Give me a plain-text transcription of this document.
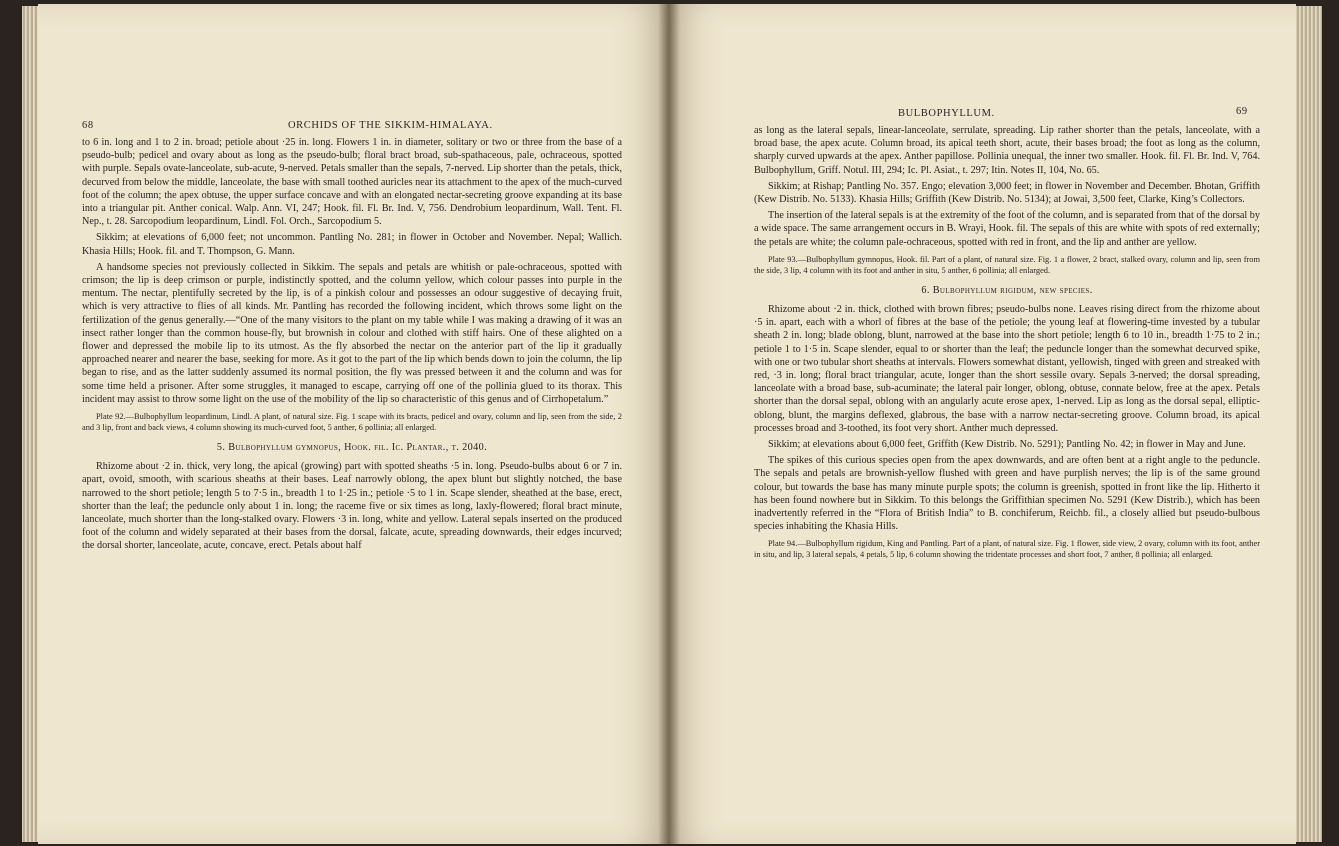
68	ORCHIDS OF THE SIKKIM-HIMALAYA.

to 6 in. long and 1 to 2 in. broad; petiole about ·25 in. long. Flowers 1 in. in diameter, solitary or two or three from the base of a pseudo-bulb; pedicel and ovary about as long as the pseudo-bulb; floral bract broad, sub-spathaceous, pale, ochraceous, spotted with purple. Sepals ovate-lanceolate, sub-acute, 9-nerved. Petals smaller than the sepals, 7-nerved. Lip shorter than the petals, thick, decurved from below the middle, lanceolate, the base with small toothed auricles near its attachment to the apex of the much-curved foot of the column; the apex obtuse, the upper surface concave and with an elongated nectar-secreting groove expanding at its base into a triangular pit. Anther conical. Walp. Ann. VI, 247; Hook. fil. Fl. Br. Ind. V, 756. Dendrobium leopardinum, Wall. Tent. Fl. Nep., t. 28. Sarcopodium leopardinum, Lindl. Fol. Orch., Sarcopodium 5.

Sikkim; at elevations of 6,000 feet; not uncommon. Pantling No. 281; in flower in October and November. Nepal; Wallich. Khasia Hills; Hook. fil. and T. Thompson, G. Mann.

A handsome species not previously collected in Sikkim. The sepals and petals are whitish or pale-ochraceous, spotted with crimson; the lip is deep crimson or purple, indistinctly spotted, and the column yellow, which colour passes into purple in the mentum. The nectar, plentifully secreted by the lip, is of a pinkish colour and possesses an odour suggestive of decaying fruit, which is very attractive to flies of all kinds. Mr. Pantling has recorded the following incident, which throws some light on the fertilization of the genus generally.—“One of the many visitors to the plant on my table while I was making a drawing of it was an insect rather longer than the common house-fly, but brownish in colour and clothed with stiff hairs. One of these alighted on a flower and depressed the mobile lip to its utmost. As the fly absorbed the nectar on the anterior part of the lip it gradually approached nearer and nearer the base, seeking for more. As it got to the part of the lip which bends down to join the column, the lip began to rise, and as the latter suddenly assumed its normal position, the fly was pressed between it and the column and was for some time held a prisoner. After some struggles, it managed to escape, carrying off one of the pollinia glued to its thorax. This incident may assist to throw some light on the use of the mobility of the lip so characteristic of this genus and of Cirrhopetalum.”

Plate 92.—Bulbophyllum leopardinum, Lindl. A plant, of natural size. Fig. 1 scape with its bracts, pedicel and ovary, column and lip, seen from the side, 2 and 3 lip, front and back views, 4 column showing its much-curved foot, 5 anther, 6 pollinia; all enlarged.

5. Bulbophyllum gymnopus, Hook. fil. Ic. Plantar., t. 2040.

Rhizome about ·2 in. thick, very long, the apical (growing) part with spotted sheaths ·5 in. long. Pseudo-bulbs about 6 or 7 in. apart, ovoid, smooth, with scarious sheaths at their bases. Leaf narrowly oblong, the apex blunt but slightly notched, the base narrowed to the short petiole; length 5 to 7·5 in., breadth 1 to 1·25 in.; petiole ·5 to 1 in. Scape slender, sheathed at the base, erect, shorter than the leaf; the peduncle only about 1 in. long; the raceme five or six times as long, laxly-flowered; floral bract minute, lanceolate, much shorter than the long-stalked ovary. Flowers ·3 in. long, white and yellow. Lateral sepals inserted on the produced foot of the column and widely separated at their bases from the dorsal, falcate, acute, spreading downwards, their edges incurved; the dorsal shorter, lanceolate, acute, concave, erect. Petals about half

BULBOPHYLLUM.	69

as long as the lateral sepals, linear-lanceolate, serrulate, spreading. Lip rather shorter than the petals, lanceolate, with a broad base, the apex acute. Column broad, its apical teeth short, acute, their bases broad; the foot as long as the column, sharply curved upwards at the apex. Anther papillose. Pollinia unequal, the inner two smaller. Hook. fil. Fl. Br. Ind. V, 764. Bulbophyllum, Griff. Notul. III, 294; Ic. Pl. Asiat., t. 297; Itin. Notes II, 104, No. 65.

Sikkim; at Rishap; Pantling No. 357. Engo; elevation 3,000 feet; in flower in November and December. Bhotan, Griffith (Kew Distrib. No. 5133). Khasia Hills; Griffith (Kew Distrib. No. 5134); at Jowai, 3,500 feet, Clarke, King’s Collectors.

The insertion of the lateral sepals is at the extremity of the foot of the column, and is separated from that of the dorsal by a wide space. The same arrangement occurs in B. Wrayi, Hook. fil. The sepals of this are white with spots of red externally; the petals are white; the column pale-ochraceous, spotted with red in front, and the lip and anther are yellow.

Plate 93.—Bulbophyllum gymnopus, Hook. fil. Part of a plant, of natural size. Fig. 1 a flower, 2 bract, stalked ovary, column and lip, seen from the side, 3 lip, 4 column with its foot and anther in situ, 5 anther, 6 pollinia; all enlarged.

6. Bulbophyllum rigidum, new species.

Rhizome about ·2 in. thick, clothed with brown fibres; pseudo-bulbs none. Leaves rising direct from the rhizome about ·5 in. apart, each with a whorl of fibres at the base of the petiole; the young leaf at flowering-time invested by a tubular sheath 2 in. long; blade oblong, blunt, narrowed at the base into the short petiole; length 6 to 10 in., breadth 1·75 to 2 in.; petiole 1 to 1·5 in. Scape slender, equal to or shorter than the leaf; the peduncle longer than the somewhat decurved spike, with one or two tubular short sheaths at intervals. Flowers somewhat distant, yellowish, tinged with green and streaked with red, ·3 in. long; floral bract triangular, acute, longer than the short sessile ovary. Sepals 3-nerved; the dorsal spreading, lanceolate with a broad base, sub-acuminate; the lateral pair longer, oblong, obtuse, connate below, free at the apex. Petals shorter than the dorsal sepal, oblong with an angularly acute erose apex, 1-nerved. Lip as long as the dorsal sepal, elliptic-oblong, blunt, the margins deflexed, glabrous, the base with a narrow nectar-secreting groove. Column broad, its apical processes broad and 3-toothed, its foot very short. Anther much depressed.

Sikkim; at elevations about 6,000 feet, Griffith (Kew Distrib. No. 5291); Pantling No. 42; in flower in May and June.

The spikes of this curious species open from the apex downwards, and are often bent at a right angle to the peduncle. The sepals and petals are brownish-yellow flushed with green and have purplish nerves; the lip is of the same ground colour, but towards the base has many minute purple spots; the column is greenish, spotted in front like the lip. Hitherto it has been found nowhere but in Sikkim. To this belongs the Griffithian specimen No. 5291 (Kew Distrib.), which has been inadvertently referred in the “Flora of British India” to B. conchiferum, Reichb. fil., a closely allied but pseudo-bulbous species inhabiting the Khasia Hills.

Plate 94.—Bulbophyllum rigidum, King and Pantling. Part of a plant, of natural size. Fig. 1 flower, side view, 2 ovary, column with its foot, anther in situ, and lip, 3 lateral sepals, 4 petals, 5 lip, 6 column showing the tridentate processes and short foot, 7 anther, 8 pollinia; all enlarged.
